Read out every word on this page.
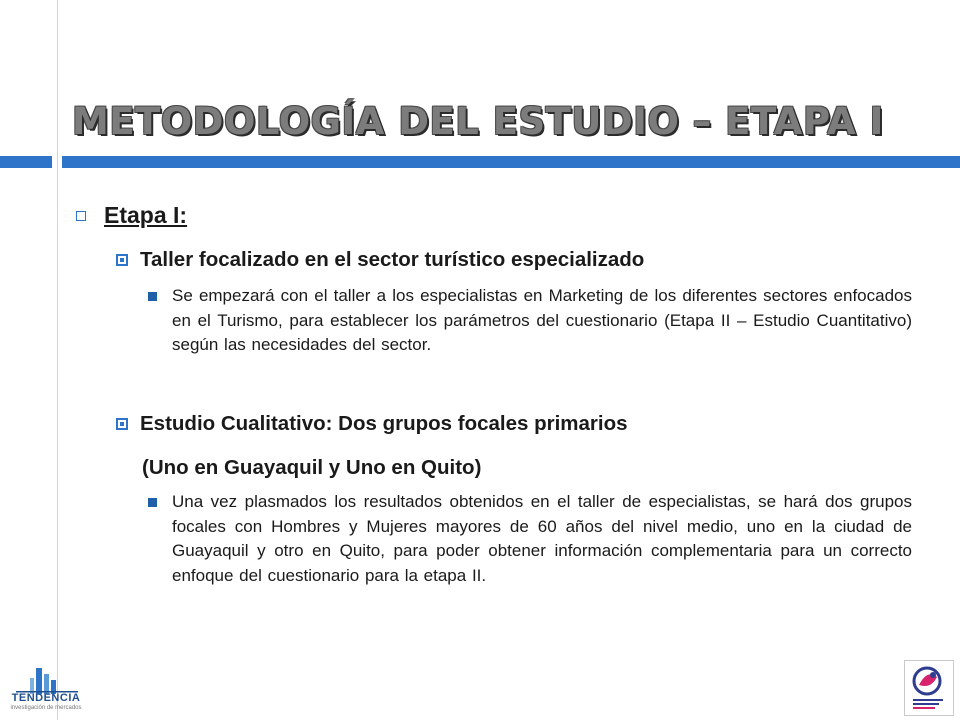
METODOLOGÍA DEL ESTUDIO – ETAPA I
Etapa I:
Taller focalizado en el sector turístico especializado
Se empezará con el taller a los especialistas en Marketing de los diferentes sectores enfocados en el Turismo, para establecer los parámetros del cuestionario (Etapa II – Estudio Cuantitativo) según las necesidades del sector.
Estudio Cualitativo: Dos grupos focales primarios
(Uno en Guayaquil y Uno en Quito)
Una vez plasmados los resultados obtenidos en el taller de especialistas, se hará dos grupos focales con Hombres y Mujeres mayores de 60 años del nivel medio, uno en la ciudad de Guayaquil y otro en Quito, para poder obtener información complementaria para un correcto enfoque del cuestionario para la etapa II.
TENDENCIA
investigación de mercados
